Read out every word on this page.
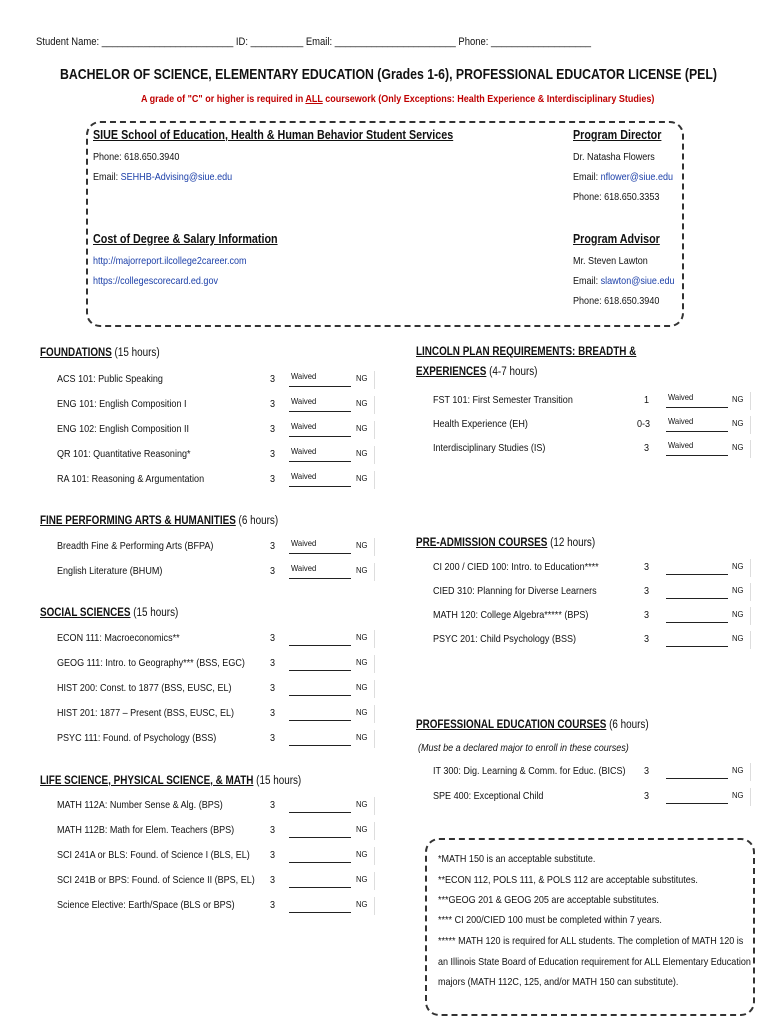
Student Name: _________________________ ID: __________ Email: _______________________ Phone: ___________________
BACHELOR OF SCIENCE, ELEMENTARY EDUCATION (Grades 1-6), PROFESSIONAL EDUCATOR LICENSE (PEL)
A grade of "C" or higher is required in ALL coursework (Only Exceptions: Health Experience & Interdisciplinary Studies)
SIUE School of Education, Health & Human Behavior Student Services
Phone: 618.650.3940
Email: SEHHB-Advising@siue.edu
Program Director
Dr. Natasha Flowers
Email: nflower@siue.edu
Phone: 618.650.3353
Cost of Degree & Salary Information
http://majorreport.ilcollege2career.com
https://collegescorecard.ed.gov
Program Advisor
Mr. Steven Lawton
Email: slawton@siue.edu
Phone: 618.650.3940
FOUNDATIONS (15 hours)
ACS 101: Public Speaking	3 Waived	NG
ENG 101: English Composition I	3 Waived	NG
ENG 102: English Composition II	3 Waived	NG
QR 101: Quantitative Reasoning*	3 Waived	NG
RA 101: Reasoning & Argumentation	3 Waived	NG
FINE PERFORMING ARTS & HUMANITIES (6 hours)
Breadth Fine & Performing Arts (BFPA)	3 Waived	NG
English Literature (BHUM)	3 Waived	NG
SOCIAL SCIENCES (15 hours)
ECON 111: Macroeconomics**	3	NG
GEOG 111: Intro. to Geography*** (BSS, EGC)	3	NG
HIST 200: Const. to 1877 (BSS, EUSC, EL)	3	NG
HIST 201: 1877 – Present (BSS, EUSC, EL)	3	NG
PSYC 111: Found. of Psychology (BSS)	3	NG
LIFE SCIENCE, PHYSICAL SCIENCE, & MATH (15 hours)
MATH 112A: Number Sense & Alg. (BPS)	3	NG
MATH 112B: Math for Elem. Teachers (BPS)	3	NG
SCI 241A or BLS: Found. of Science I (BLS, EL)	3	NG
SCI 241B or BPS: Found. of Science II (BPS, EL)	3	NG
Science Elective: Earth/Space (BLS or BPS)	3	NG
LINCOLN PLAN REQUIREMENTS: BREADTH &
EXPERIENCES (4-7 hours)
FST 101: First Semester Transition	1 Waived	NG
Health Experience (EH)	0-3 Waived	NG
Interdisciplinary Studies (IS)	3 Waived	NG
PRE-ADMISSION COURSES (12 hours)
CI 200 / CIED 100: Intro. to Education****	3	NG
CIED 310: Planning for Diverse Learners	3	NG
MATH 120: College Algebra***** (BPS)	3	NG
PSYC 201: Child Psychology (BSS)	3	NG
PROFESSIONAL EDUCATION COURSES (6 hours)
IT 300: Dig. Learning & Comm. for Educ. (BICS)	3	NG
SPE 400: Exceptional Child	3	NG
(Must be a declared major to enroll in these courses)
*MATH 150 is an acceptable substitute.
**ECON 112, POLS 111, & POLS 112 are acceptable substitutes.
***GEOG 201 & GEOG 205 are acceptable substitutes.
**** CI 200/CIED 100 must be completed within 7 years.
***** MATH 120 is required for ALL students. The completion of MATH 120 is
an Illinois State Board of Education requirement for ALL Elementary Education
majors (MATH 112C, 125, and/or MATH 150 can substitute).
